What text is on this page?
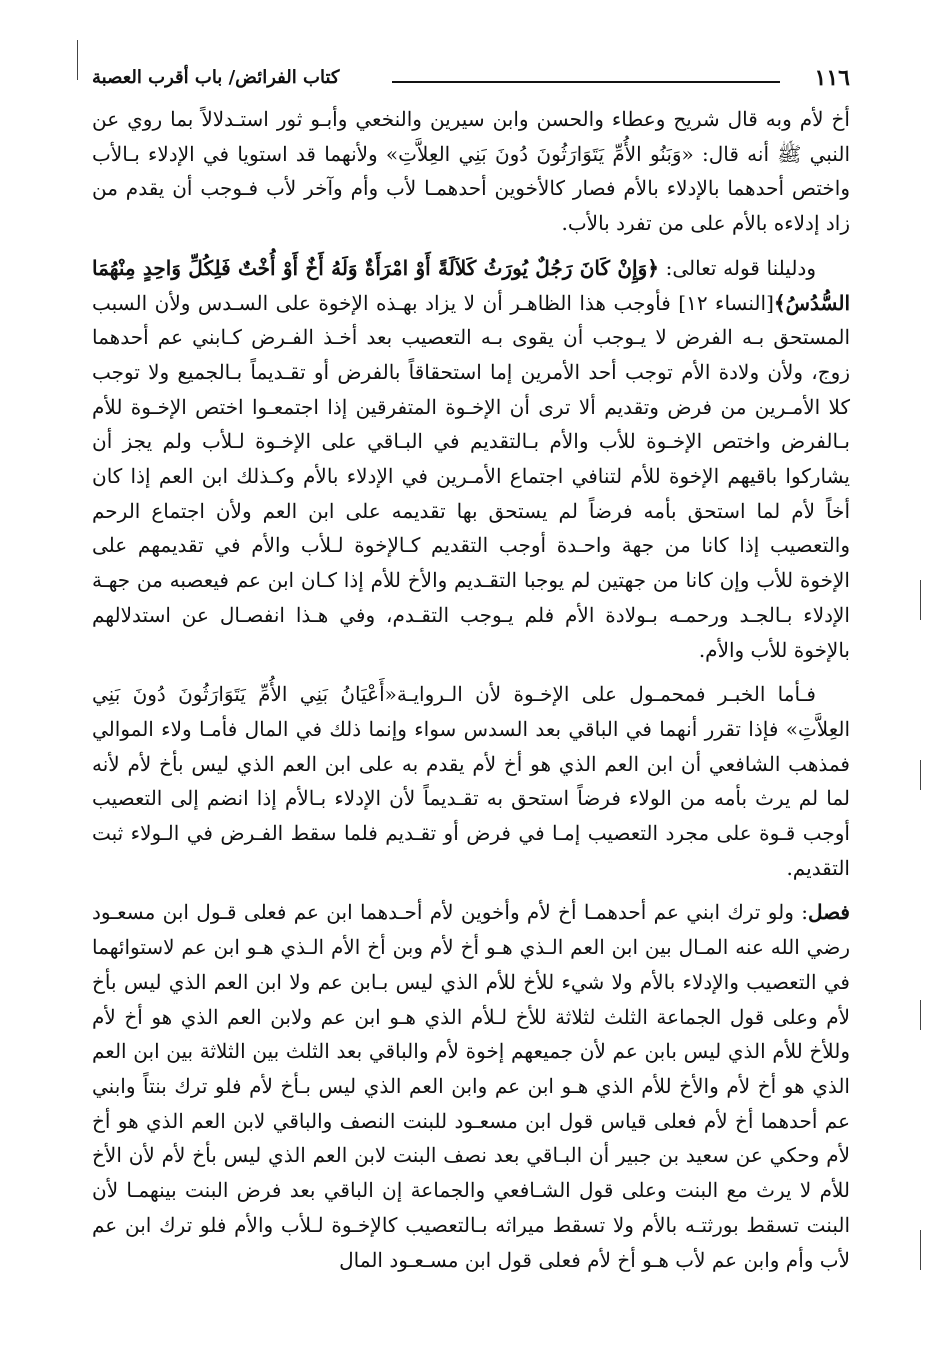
١١٦
كتاب الفرائض/ باب أقرب العصبة

أخ لأم وبه قال شريح وعطاء والحسن وابن سيرين والنخعي وأبـو ثور استـدلالاً بما روي عن النبي ﷺ أنه قال: «وَبَنُو الأُمِّ يَتَوَارَثُونَ دُونَ بَنِي العِلاَّتِ» ولأنهما قد استويا في الإدلاء بـالأب واختص أحدهما بالإدلاء بالأم فصار كالأخوين أحدهمـا لأب وأم وآخر لأب فـوجب أن يقدم من زاد إدلاءه بالأم على من تفرد بالأب.

ودليلنا قوله تعالى: ﴿وَإِنْ كَانَ رَجُلٌ يُورَثُ كَلاَلَةً أَوْ امْرَأَةٌ وَلَهُ أَخٌ أَوْ أُخْتٌ فَلِكُلِّ وَاحِدٍ مِنْهُمَا السُّدُسُ﴾[النساء ١٢] فأوجب هذا الظاهـر أن لا يزاد بهـذه الإخوة على السـدس ولأن السبب المستحق بـه الفرض لا يـوجب أن يقوى بـه التعصيب بعد أخـذ الفـرض كـابني عم أحدهما زوج، ولأن ولادة الأم توجب أحد الأمرين إما استحقاقاً بالفرض أو تقـديماً بـالجميع ولا توجب كلا الأمـرين من فرض وتقديم ألا ترى أن الإخـوة المتفرقين إذا اجتمعـوا اختص الإخـوة للأم بـالفرض واختص الإخـوة للأب والأم بـالتقديم في البـاقي على الإخـوة لـلأب ولم يجز أن يشاركوا باقيهم الإخوة للأم لتنافي اجتماع الأمـرين في الإدلاء بالأم وكـذلك ابن العم إذا كان أخاً لأم لما استحق بأمه فرضاً لم يستحق بها تقديمه على ابن العم ولأن اجتماع الرحم والتعصيب إذا كانا من جهة واحـدة أوجب التقديم كـالإخوة لـلأب والأم في تقديمهم على الإخوة للأب وإن كانا من جهتين لم يوجبا التقـديم والأخ للأم إذا كـان ابن عم فيعصبه من جهـة الإدلاء بـالجـد ورحمـه بـولادة الأم فلم يـوجب التقـدم، وفي هـذا انفصـال عن استدلالهم بالإخوة للأب والأم.

فـأما الخبـر فمحمـول على الإخـوة لأن الـروايـة«أَعْيَانُ بَنِي الأُمِّ يَتَوَارَثُونَ دُونَ بَنِي العِلاَّتِ» فإذا تقرر أنهما في الباقي بعد السدس سواء وإنما ذلك في المال فأمـا ولاء الموالي فمذهب الشافعي أن ابن العم الذي هو أخ لأم يقدم به على ابن العم الذي ليس بأخ لأم لأنه لما لم يرث بأمه من الولاء فرضاً استحق به تقـديماً لأن الإدلاء بـالأم إذا انضم إلى التعصيب أوجب قـوة على مجرد التعصيب إمـا في فرض أو تقـديم فلما سقط الفـرض في الـولاء ثبت التقديم.

فصل: ولو ترك ابني عم أحدهمـا أخ لأم وأخوين لأم أحـدهما ابن عم فعلى قـول ابن مسعـود رضي الله عنه المـال بين ابن العم الـذي هـو أخ لأم وبن أخ الأم الـذي هـو ابن عم لاستوائهما في التعصيب والإدلاء بالأم ولا شيء للأخ للأم الذي ليس بـابن عم ولا ابن العم الذي ليس بأخ لأم وعلى قول الجماعة الثلث لثلاثة للأخ لـلأم الذي هـو ابن عم ولابن العم الذي هو أخ لأم وللأخ للأم الذي ليس بابن عم لأن جميعهم إخوة لأم والباقي بعد الثلث بين الثلاثة بين ابن العم الذي هو أخ لأم والأخ للأم الذي هـو ابن عم وابن العم الذي ليس بـأخ لأم فلو ترك بنتاً وابني عم أحدهما أخ لأم فعلى قياس قول ابن مسعـود للبنت النصف والباقي لابن العم الذي هو أخ لأم وحكي عن سعيد بن جبير أن البـاقي بعد نصف البنت لابن العم الذي ليس بأخ لأم لأن الأخ للأم لا يرث مع البنت وعلى قول الشـافعي والجماعة إن الباقي بعد فرض البنت بينهمـا لأن البنت تسقط بورثتـه بالأم ولا تسقط ميراثه بـالتعصيب كالإخـوة لـلأب والأم فلو ترك ابن عم لأب وأم وابن عم لأب هـو أخ لأم فعلى قول ابن مسـعـود المال
